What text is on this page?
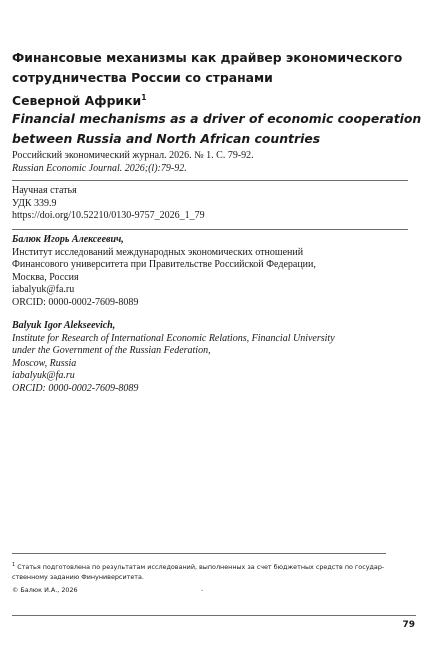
Финансовые механизмы как драйвер экономического
сотрудничества России со странами
Северной Африки$^1$
Financial mechanisms as a driver of economic cooperation
between Russia and North African countries
Российский экономический журнал. 2026. № 1. С. 79-92.
Russian Economic Journal. 2026;(l):79-92.
Научная статья
УДК 339.9
https://doi.org/10.52210/0130-9757_2026_1_79
Балюк Игорь Алексеевич,
Институт исследований международных экономических отношений
Финансового университета при Правительстве Российской Федерации,
Москва, Россия
iabalyuk@fa.ru
ORCID: 0000-0002-7609-8089
Balyuk Igor Alekseevich,
Institute for Research of International Economic Relations, Financial University
under the Government of the Russian Federation,
Moscow, Russia
iabalyuk@fa.ru
ORCID: 0000-0002-7609-8089
$^1$ Статья подготовлена по результатам исследований, выполненных за счет бюджетных средств по государ-
ственному заданию Финуниверситета.
© Балюк И.А., 2026	-
79
